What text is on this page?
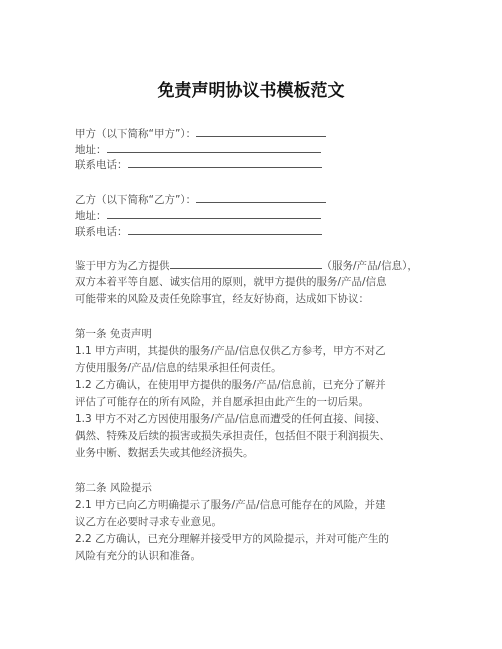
免责声明协议书模板范文
甲方（以下简称“甲方”）：
地址：
联系电话：
乙方（以下简称“乙方”）：
地址：
联系电话：
鉴于甲方为乙方提供	（服务/产品/信息），
双方本着平等自愿、诚实信用的原则，就甲方提供的服务/产品/信息
可能带来的风险及责任免除事宜，经友好协商，达成如下协议：
第一条 免责声明
1.1 甲方声明，其提供的服务/产品/信息仅供乙方参考，甲方不对乙
方使用服务/产品/信息的结果承担任何责任。
1.2 乙方确认，在使用甲方提供的服务/产品/信息前，已充分了解并
评估了可能存在的所有风险，并自愿承担由此产生的一切后果。
1.3 甲方不对乙方因使用服务/产品/信息而遭受的任何直接、间接、
偶然、特殊及后续的损害或损失承担责任，包括但不限于利润损失、
业务中断、数据丢失或其他经济损失。
第二条 风险提示
2.1 甲方已向乙方明确提示了服务/产品/信息可能存在的风险，并建
议乙方在必要时寻求专业意见。
2.2 乙方确认，已充分理解并接受甲方的风险提示，并对可能产生的
风险有充分的认识和准备。
